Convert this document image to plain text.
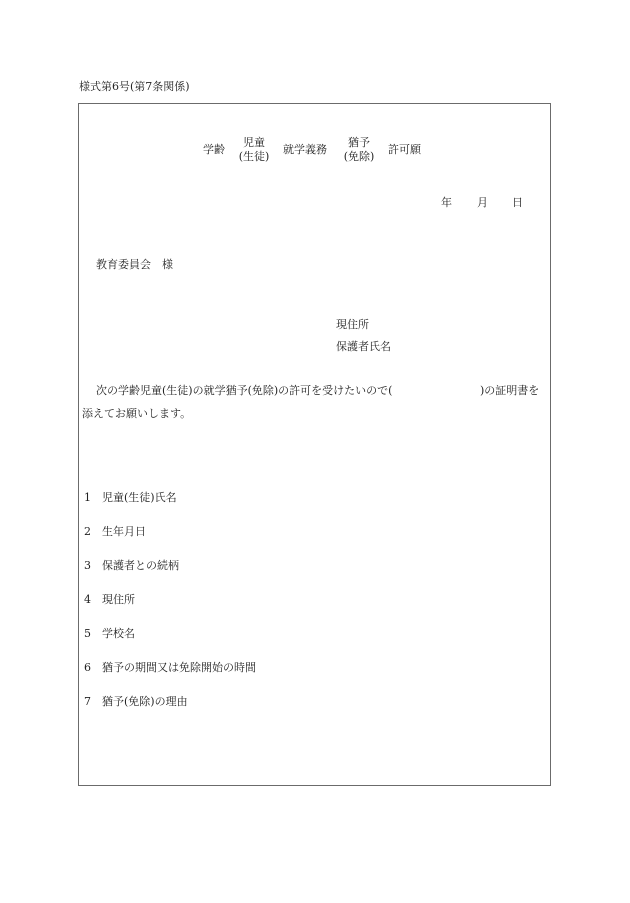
様式第6号(第7条関係)
学齢
児童
(生徒)
就学義務
猶予
(免除)
許可願
年 月 日
教育委員会　様
現住所
保護者氏名
次の学齢児童(生徒)の就学猶予(免除)の許可を受けたいので(	)の証明書を
添えてお願いします。
1 児童(生徒)氏名
2 生年月日
3 保護者との続柄
4 現住所
5 学校名
6 猶予の期間又は免除開始の時間
7 猶予(免除)の理由
